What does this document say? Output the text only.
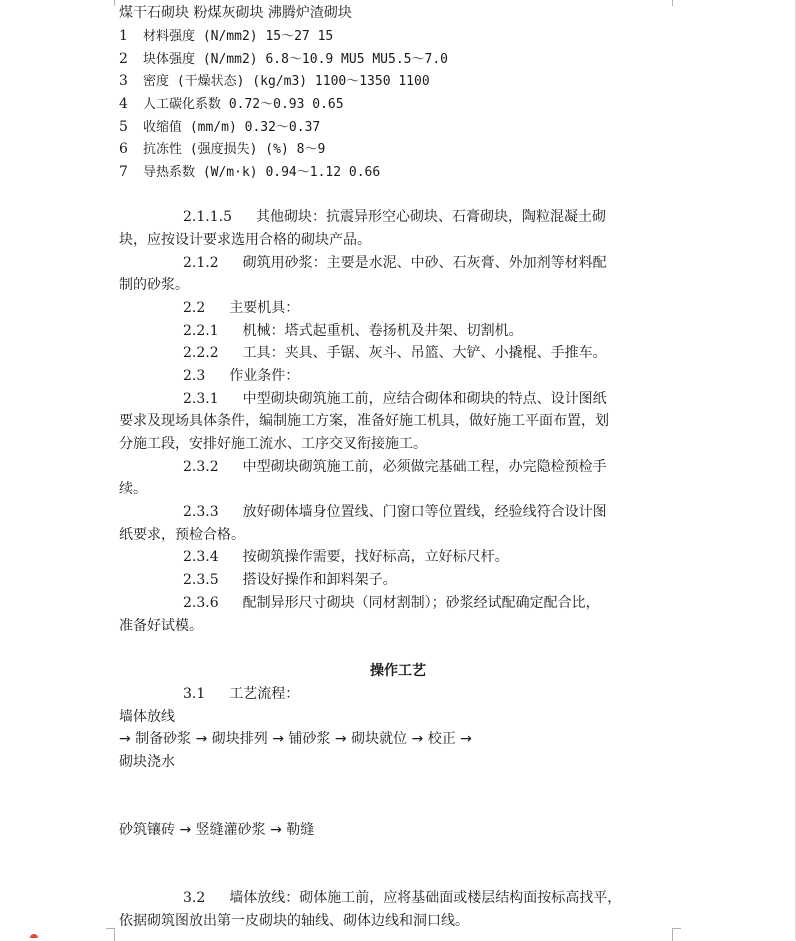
煤干石砌块 粉煤灰砌块 沸腾炉渣砌块
1 材料强度 (N/mm2) 15～27 15
2 块体强度 (N/mm2) 6.8～10.9 MU5 MU5.5～7.0
3 密度 (干燥状态) (kg/m3) 1100～1350 1100
4 人工碳化系数 0.72～0.93 0.65
5 收缩值 (mm/m) 0.32～0.37
6 抗冻性 (强度损失) (%) 8～9
7 导热系数 (W/m·k) 0.94～1.12 0.66
2.1.1.5 其他砌块：抗震异形空心砌块、石膏砌块，陶粒混凝土砌
块，应按设计要求选用合格的砌块产品。
2.1.2 砌筑用砂浆：主要是水泥、中砂、石灰膏、外加剂等材料配
制的砂浆。
2.2 主要机具：
2.2.1 机械：塔式起重机、卷扬机及井架、切割机。
2.2.2 工具：夹具、手锯、灰斗、吊篮、大铲、小撬棍、手推车。
2.3 作业条件：
2.3.1 中型砌块砌筑施工前，应结合砌体和砌块的特点、设计图纸
要求及现场具体条件，编制施工方案，准备好施工机具，做好施工平面布置，划
分施工段，安排好施工流水、工序交叉衔接施工。
2.3.2 中型砌块砌筑施工前，必须做完基础工程，办完隐检预检手
续。
2.3.3 放好砌体墙身位置线、门窗口等位置线，经验线符合设计图
纸要求，预检合格。
2.3.4 按砌筑操作需要，找好标高，立好标尺杆。
2.3.5 搭设好操作和卸料架子。
2.3.6 配制异形尺寸砌块（同材割制）；砂浆经试配确定配合比，
准备好试模。
操作工艺
3.1 工艺流程：
墙体放线
→ 制备砂浆 → 砌块排列 → 铺砂浆 → 砌块就位 → 校正 →
砌块浇水
砂筑镶砖 → 竖缝灌砂浆 → 勒缝
3.2 墙体放线：砌体施工前，应将基础面或楼层结构面按标高找平，
依据砌筑图放出第一皮砌块的轴线、砌体边线和洞口线。
